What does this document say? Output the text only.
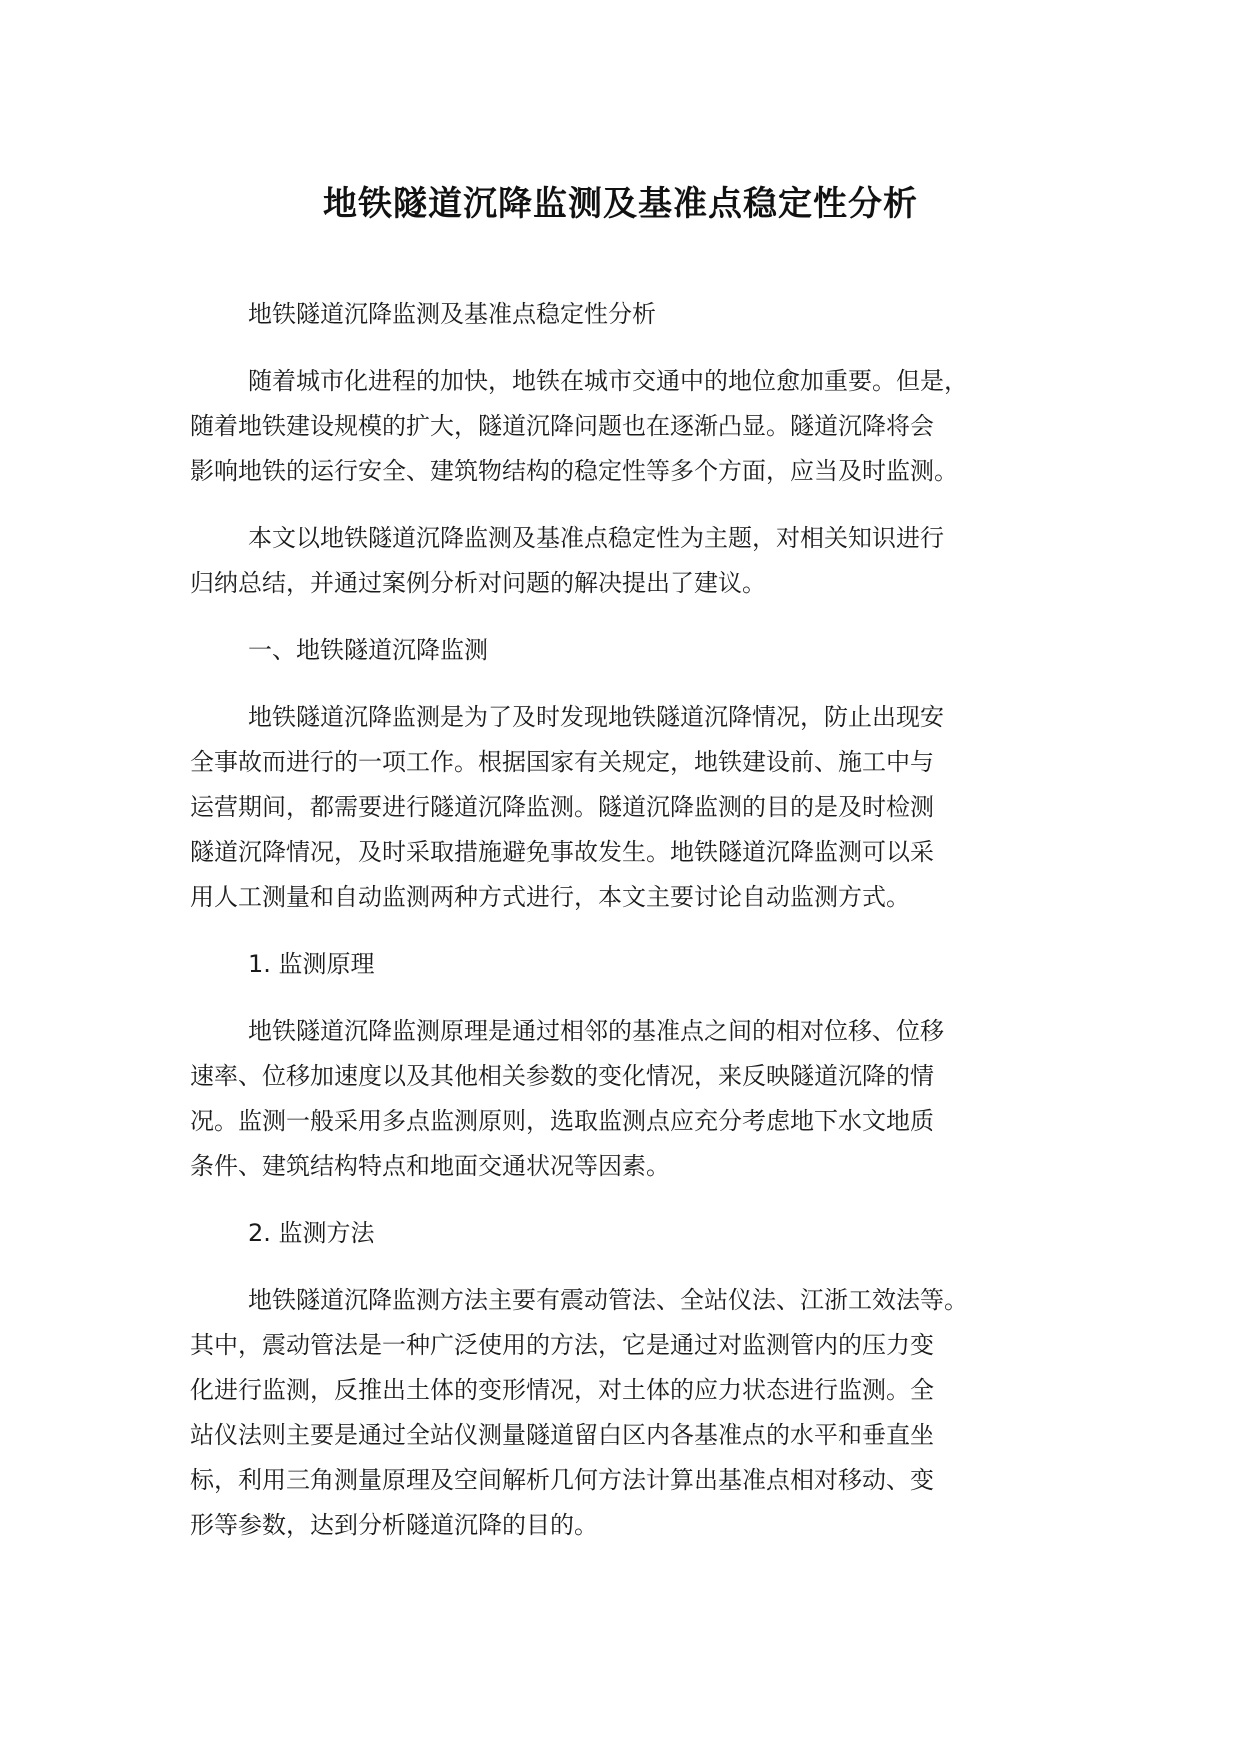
地铁隧道沉降监测及基准点稳定性分析

地铁隧道沉降监测及基准点稳定性分析

随着城市化进程的加快，地铁在城市交通中的地位愈加重要。但是，
随着地铁建设规模的扩大，隧道沉降问题也在逐渐凸显。隧道沉降将会
影响地铁的运行安全、建筑物结构的稳定性等多个方面，应当及时监测。

本文以地铁隧道沉降监测及基准点稳定性为主题，对相关知识进行
归纳总结，并通过案例分析对问题的解决提出了建议。

一、地铁隧道沉降监测

地铁隧道沉降监测是为了及时发现地铁隧道沉降情况，防止出现安
全事故而进行的一项工作。根据国家有关规定，地铁建设前、施工中与
运营期间，都需要进行隧道沉降监测。隧道沉降监测的目的是及时检测
隧道沉降情况，及时采取措施避免事故发生。地铁隧道沉降监测可以采
用人工测量和自动监测两种方式进行，本文主要讨论自动监测方式。

1. 监测原理

地铁隧道沉降监测原理是通过相邻的基准点之间的相对位移、位移
速率、位移加速度以及其他相关参数的变化情况，来反映隧道沉降的情
况。监测一般采用多点监测原则，选取监测点应充分考虑地下水文地质
条件、建筑结构特点和地面交通状况等因素。

2. 监测方法

地铁隧道沉降监测方法主要有震动管法、全站仪法、江浙工效法等。
其中，震动管法是一种广泛使用的方法，它是通过对监测管内的压力变
化进行监测，反推出土体的变形情况，对土体的应力状态进行监测。全
站仪法则主要是通过全站仪测量隧道留白区内各基准点的水平和垂直坐
标，利用三角测量原理及空间解析几何方法计算出基准点相对移动、变
形等参数，达到分析隧道沉降的目的。
